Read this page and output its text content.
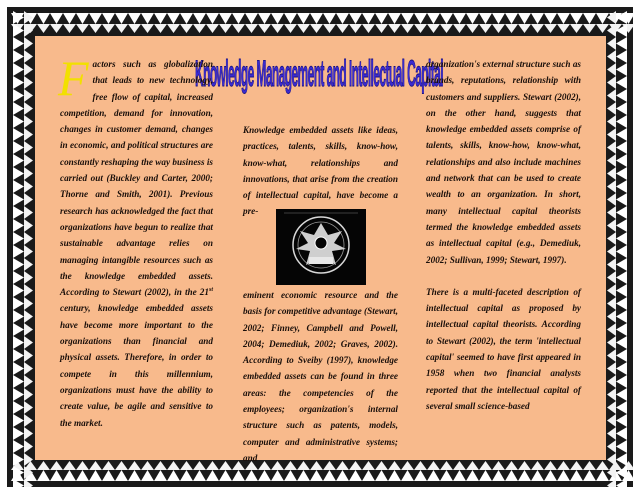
Knowledge Management and Intellectual Capital

Factors such as globalization that leads to new technology, free flow of capital, increased competition, demand for innovation, changes in customer demand, changes in economic, and political structures are constantly reshaping the way business is carried out (Buckley and Carter, 2000; Thorne and Smith, 2001). Previous research has acknowledged the fact that organizations have begun to realize that sustainable advantage relies on managing intangible resources such as the knowledge embedded assets. According to Stewart (2002), in the 21st century, knowledge embedded assets have become more important to the organizations than financial and physical assets. Therefore, in order to compete in this millennium, organizations must have the ability to create value, be agile and sensitive to the market.

Knowledge embedded assets like ideas, practices, talents, skills, know-how, know-what, relationships and innovations, that arise from the creation of intellectual capital, have become a pre-

eminent economic resource and the basis for competitive advantage (Stewart, 2002; Finney, Campbell and Powell, 2004; Demediuk, 2002; Graves, 2002). According to Sveiby (1997), knowledge embedded assets can be found in three areas: the competencies of the employees; organization's internal structure such as patents, models, computer and administrative systems; and

organization's external structure such as brands, reputations, relationship with customers and suppliers. Stewart (2002), on the other hand, suggests that knowledge embedded assets comprise of talents, skills, know-how, know-what, relationships and also include machines and network that can be used to create wealth to an organization. In short, many intellectual capital theorists termed the knowledge embedded assets as intellectual capital (e.g., Demediuk, 2002; Sullivan, 1999; Stewart, 1997).

There is a multi-faceted description of intellectual capital as proposed by intellectual capital theorists. According to Stewart (2002), the term 'intellectual capital' seemed to have first appeared in 1958 when two financial analysts reported that the intellectual capital of several small science-based
